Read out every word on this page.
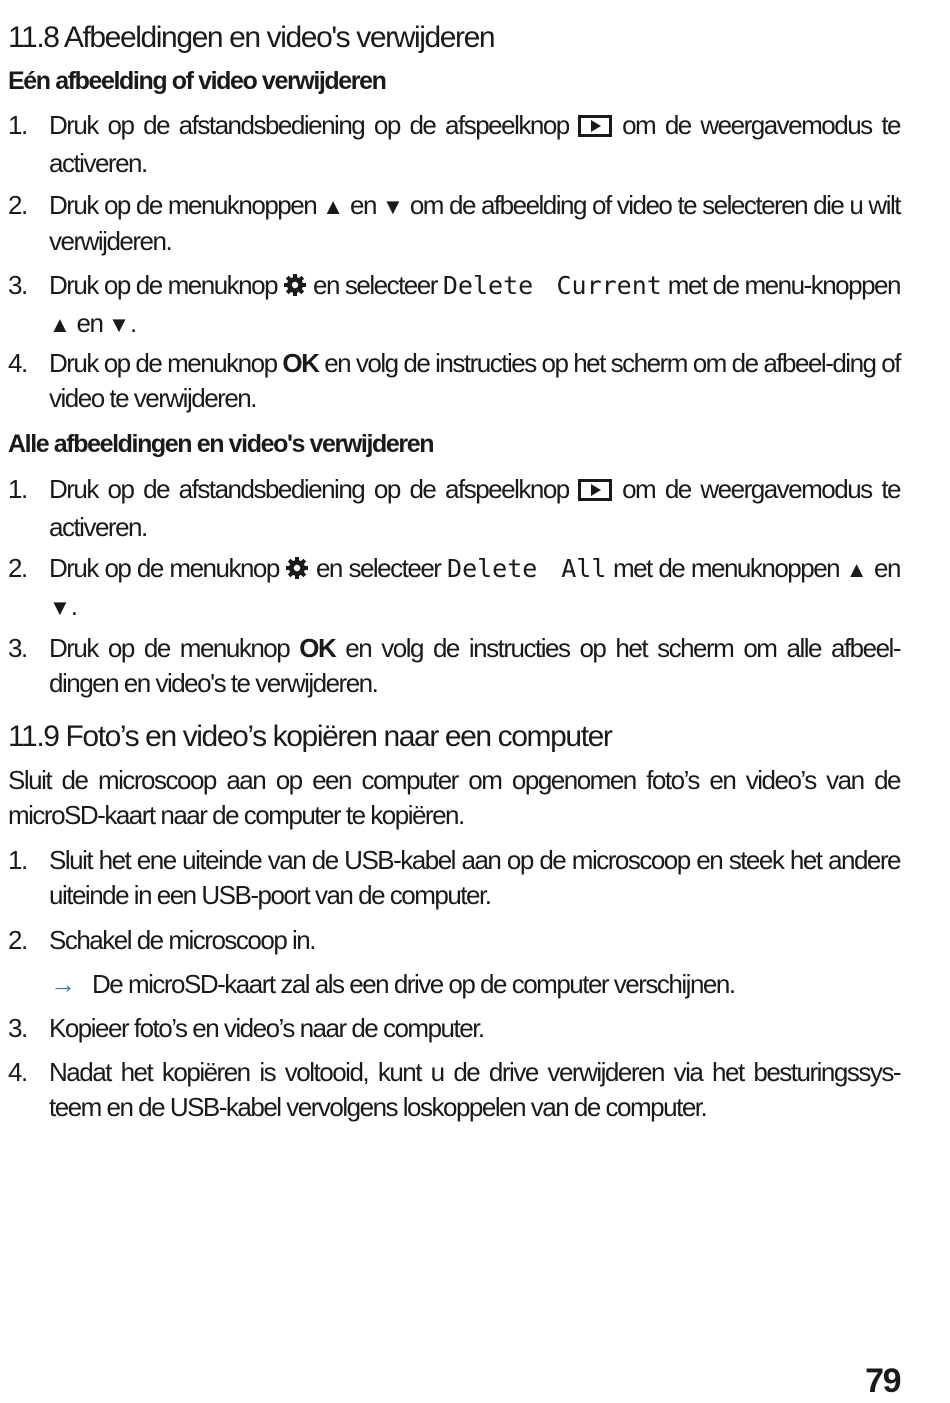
11.8 Afbeeldingen en video's verwijderen
Eén afbeelding of video verwijderen
1. Druk op de afstandsbediening op de afspeelknop om de weergavemodus te activeren.
2. Druk op de menuknoppen ▲ en ▼ om de afbeelding of video te selecteren die u wilt verwijderen.
3. Druk op de menuknop en selecteer Delete Current met de menu-knoppen ▲ en ▼.
4. Druk op de menuknop OK en volg de instructies op het scherm om de afbeel-ding of video te verwijderen.
Alle afbeeldingen en video's verwijderen
1. Druk op de afstandsbediening op de afspeelknop om de weergavemodus te activeren.
2. Druk op de menuknop en selecteer Delete All met de menuknoppen ▲ en ▼.
3. Druk op de menuknop OK en volg de instructies op het scherm om alle afbeel-dingen en video's te verwijderen.
11.9 Foto’s en video’s kopiëren naar een computer
Sluit de microscoop aan op een computer om opgenomen foto’s en video’s van de microSD-kaart naar de computer te kopiëren.
1. Sluit het ene uiteinde van de USB-kabel aan op de microscoop en steek het andere uiteinde in een USB-poort van de computer.
2. Schakel de microscoop in.
→ De microSD-kaart zal als een drive op de computer verschijnen.
3. Kopieer foto’s en video’s naar de computer.
4. Nadat het kopiëren is voltooid, kunt u de drive verwijderen via het besturingssys-teem en de USB-kabel vervolgens loskoppelen van de computer.
79
